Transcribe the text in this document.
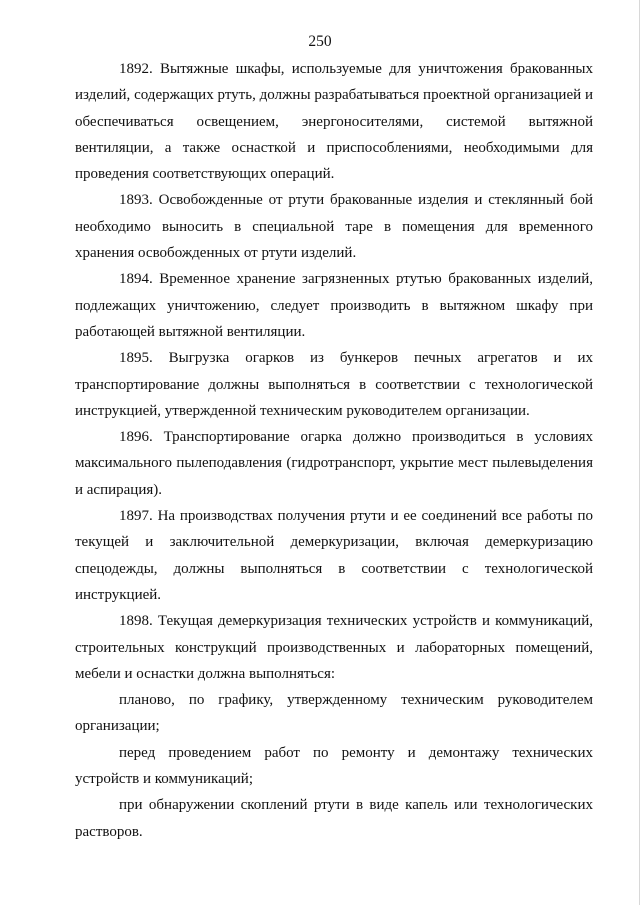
250

1892. Вытяжные шкафы, используемые для уничтожения бракованных изделий, содержащих ртуть, должны разрабатываться проектной организацией и обеспечиваться освещением, энергоносителями, системой вытяжной вентиляции, а также оснасткой и приспособлениями, необходимыми для проведения соответствующих операций.

1893. Освобожденные от ртути бракованные изделия и стеклянный бой необходимо выносить в специальной таре в помещения для временного хранения освобожденных от ртути изделий.

1894. Временное хранение загрязненных ртутью бракованных изделий, подлежащих уничтожению, следует производить в вытяжном шкафу при работающей вытяжной вентиляции.

1895. Выгрузка огарков из бункеров печных агрегатов и их транспортирование должны выполняться в соответствии с технологической инструкцией, утвержденной техническим руководителем организации.

1896. Транспортирование огарка должно производиться в условиях максимального пылеподавления (гидротранспорт, укрытие мест пылевыделения и аспирация).

1897. На производствах получения ртути и ее соединений все работы по текущей и заключительной демеркуризации, включая демеркуризацию спецодежды, должны выполняться в соответствии с технологической инструкцией.

1898. Текущая демеркуризация технических устройств и коммуникаций, строительных конструкций производственных и лабораторных помещений, мебели и оснастки должна выполняться:

планово, по графику, утвержденному техническим руководителем организации;

перед проведением работ по ремонту и демонтажу технических устройств и коммуникаций;

при обнаружении скоплений ртути в виде капель или технологических растворов.
